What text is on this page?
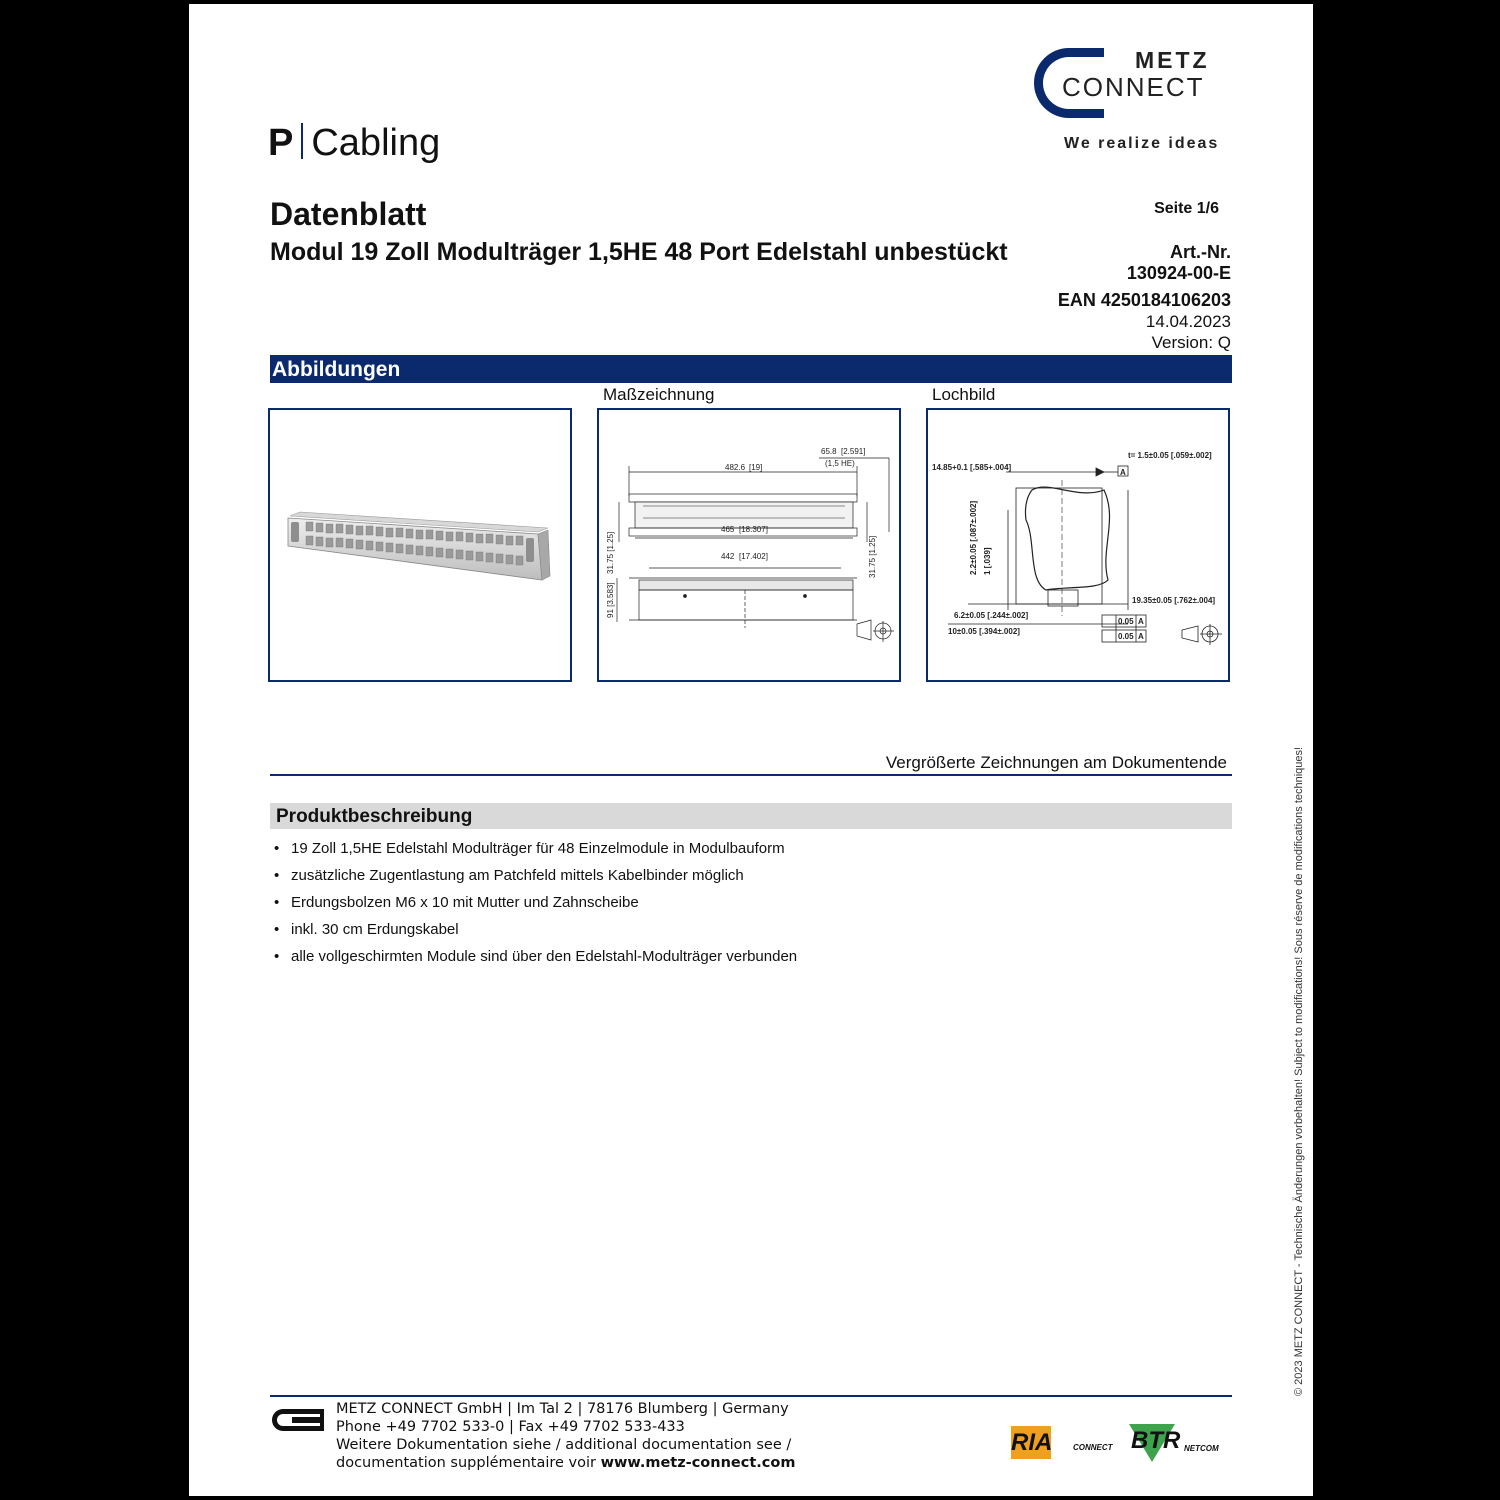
METZ
CONNECT
We realize ideas
P Cabling
Datenblatt
Modul 19 Zoll Modulträger 1,5HE 48 Port Edelstahl unbestückt
Seite 1/6
Art.-Nr.
130924-00-E
EAN 4250184106203
14.04.2023
Version: Q
Abbildungen
Maßzeichnung	Lochbild
482.6 [19]
65.8 [2.591]
(1,5 HE)
465 [18.307]
442 [17.402]
31.75 [1.25]
31.75 [1.25]
91 [3.583]
14.85+0.1 [.585+.004]
t= 1.5±0.05 [.059±.002]
A
2.2±0.05 [.087±.002] 1 [.039]
19.35±0.05 [.762±.004]
6.2±0.05 [.244±.002]
10±0.05 [.394±.002]
0.05 A
0.05 A
Vergrößerte Zeichnungen am Dokumentende
Produktbeschreibung
• 19 Zoll 1,5HE Edelstahl Modulträger für 48 Einzelmodule in Modulbauform
• zusätzliche Zugentlastung am Patchfeld mittels Kabelbinder möglich
• Erdungsbolzen M6 x 10 mit Mutter und Zahnscheibe
• inkl. 30 cm Erdungskabel
• alle vollgeschirmten Module sind über den Edelstahl-Modulträger verbunden	© 2023 METZ CONNECT - Technische Änderungen vorbehalten! Subject to modifications! Sous réserve de modifications techniques!
METZ CONNECT GmbH | Im Tal 2 | 78176 Blumberg | Germany
Phone +49 7702 533-0 | Fax +49 7702 533-433
Weitere Dokumentation siehe / additional documentation see /
documentation supplémentaire voir www.metz-connect.com
RIA	CONNECT BTR NETCOM
